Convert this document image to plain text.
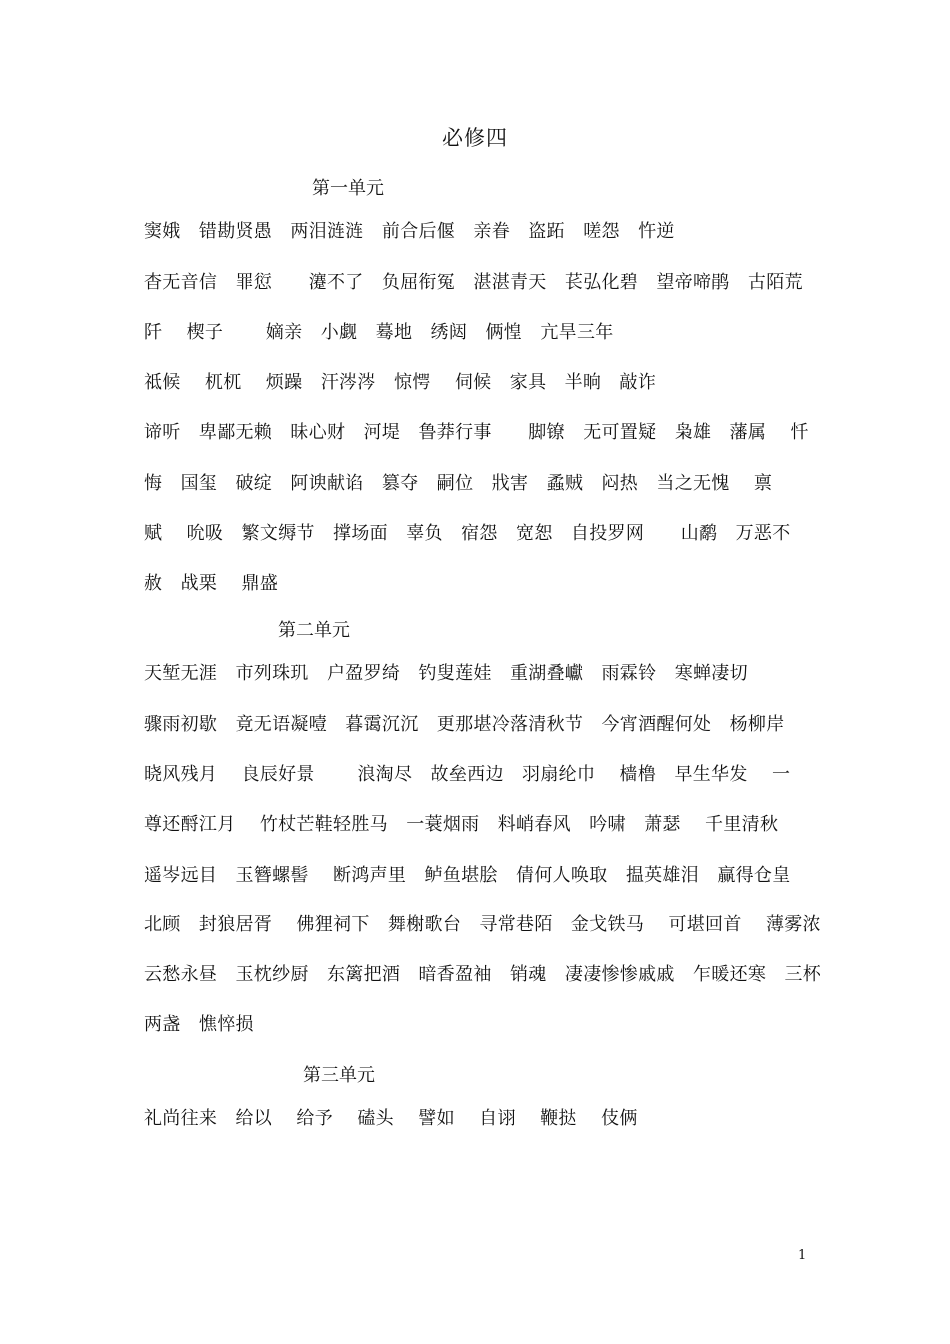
必修四
第一单元
窦娥　错勘贤愚　两泪涟涟　前合后偃　亲眷　盗跖　嗟怨　忤逆
杳无音信　罪愆　　瀽不了　负屈衔冤　湛湛青天　苌弘化碧　望帝啼鹃　古陌荒
阡　 楔子　　 嫡亲　小觑　蓦地　绣闼　俩惶　亢旱三年
祗候　 杌杌　 烦躁　汗涔涔　惊愕　 伺候　家具　半晌　敲诈
谛听　卑鄙无赖　昧心财　河堤　鲁莽行事　　脚镣　无可置疑　枭雄　藩属　 忏
悔　国玺　破绽　阿谀献谄　篡夺　嗣位　戕害　蟊贼　闷热　当之无愧　 禀
赋　 吮吸　繁文缛节　撑场面　辜负　宿怨　宽恕　自投罗网　　山鹬　万恶不
赦　战栗　 鼎盛
第二单元
天堑无涯　市列珠玑　户盈罗绮　钓叟莲娃　重湖叠巘　雨霖铃　寒蝉凄切
骤雨初歇　竟无语凝噎　暮霭沉沉　更那堪冷落清秋节　今宵酒醒何处　杨柳岸
晓风残月　 良辰好景　　 浪淘尽　故垒西边　羽扇纶巾　 樯橹　早生华发　 一
尊还酹江月　 竹杖芒鞋轻胜马　一蓑烟雨　料峭春风　吟啸　萧瑟　 千里清秋
遥岑远目　玉簪螺髻　 断鸿声里　鲈鱼堪脍　倩何人唤取　揾英雄泪　赢得仓皇
北顾　封狼居胥　 佛狸祠下　舞榭歌台　寻常巷陌　金戈铁马　 可堪回首　 薄雾浓
云愁永昼　玉枕纱厨　东篱把酒　暗香盈袖　销魂　凄凄惨惨戚戚　乍暖还寒　三杯
两盏　憔悴损
第三单元
礼尚往来　给以　 给予　 磕头　 譬如　 自诩　 鞭挞　 伎俩
1
